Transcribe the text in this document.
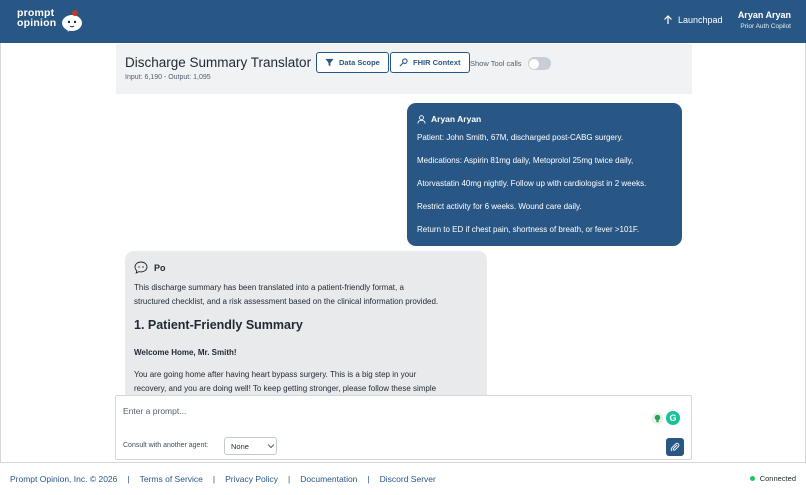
prompt
opinion	Launchpad Aryan Aryan
Prior Auth Copilot
Discharge Summary Translator
Input: 6,190 - Output: 1,095
Data Scope	FHIR Context Show Tool calls
Aryan Aryan
Patient: John Smith, 67M, discharged post-CABG surgery.
Medications: Aspirin 81mg daily, Metoprolol 25mg twice daily,
Atorvastatin 40mg nightly. Follow up with cardiologist in 2 weeks.
Restrict activity for 6 weeks. Wound care daily.
Return to ED if chest pain, shortness of breath, or fever >101F.
Po
This discharge summary has been translated into a patient-friendly format, a
structured checklist, and a risk assessment based on the clinical information provided.
1. Patient-Friendly Summary
Welcome Home, Mr. Smith!
You are going home after having heart bypass surgery. This is a big step in your
recovery, and you are doing well! To keep getting stronger, please follow these simple
Enter a prompt...
G
Consult with another agent:	None
Prompt Opinion, Inc. © 2026 | Terms of Service | Privacy Policy | Documentation | Discord Server	Connected
